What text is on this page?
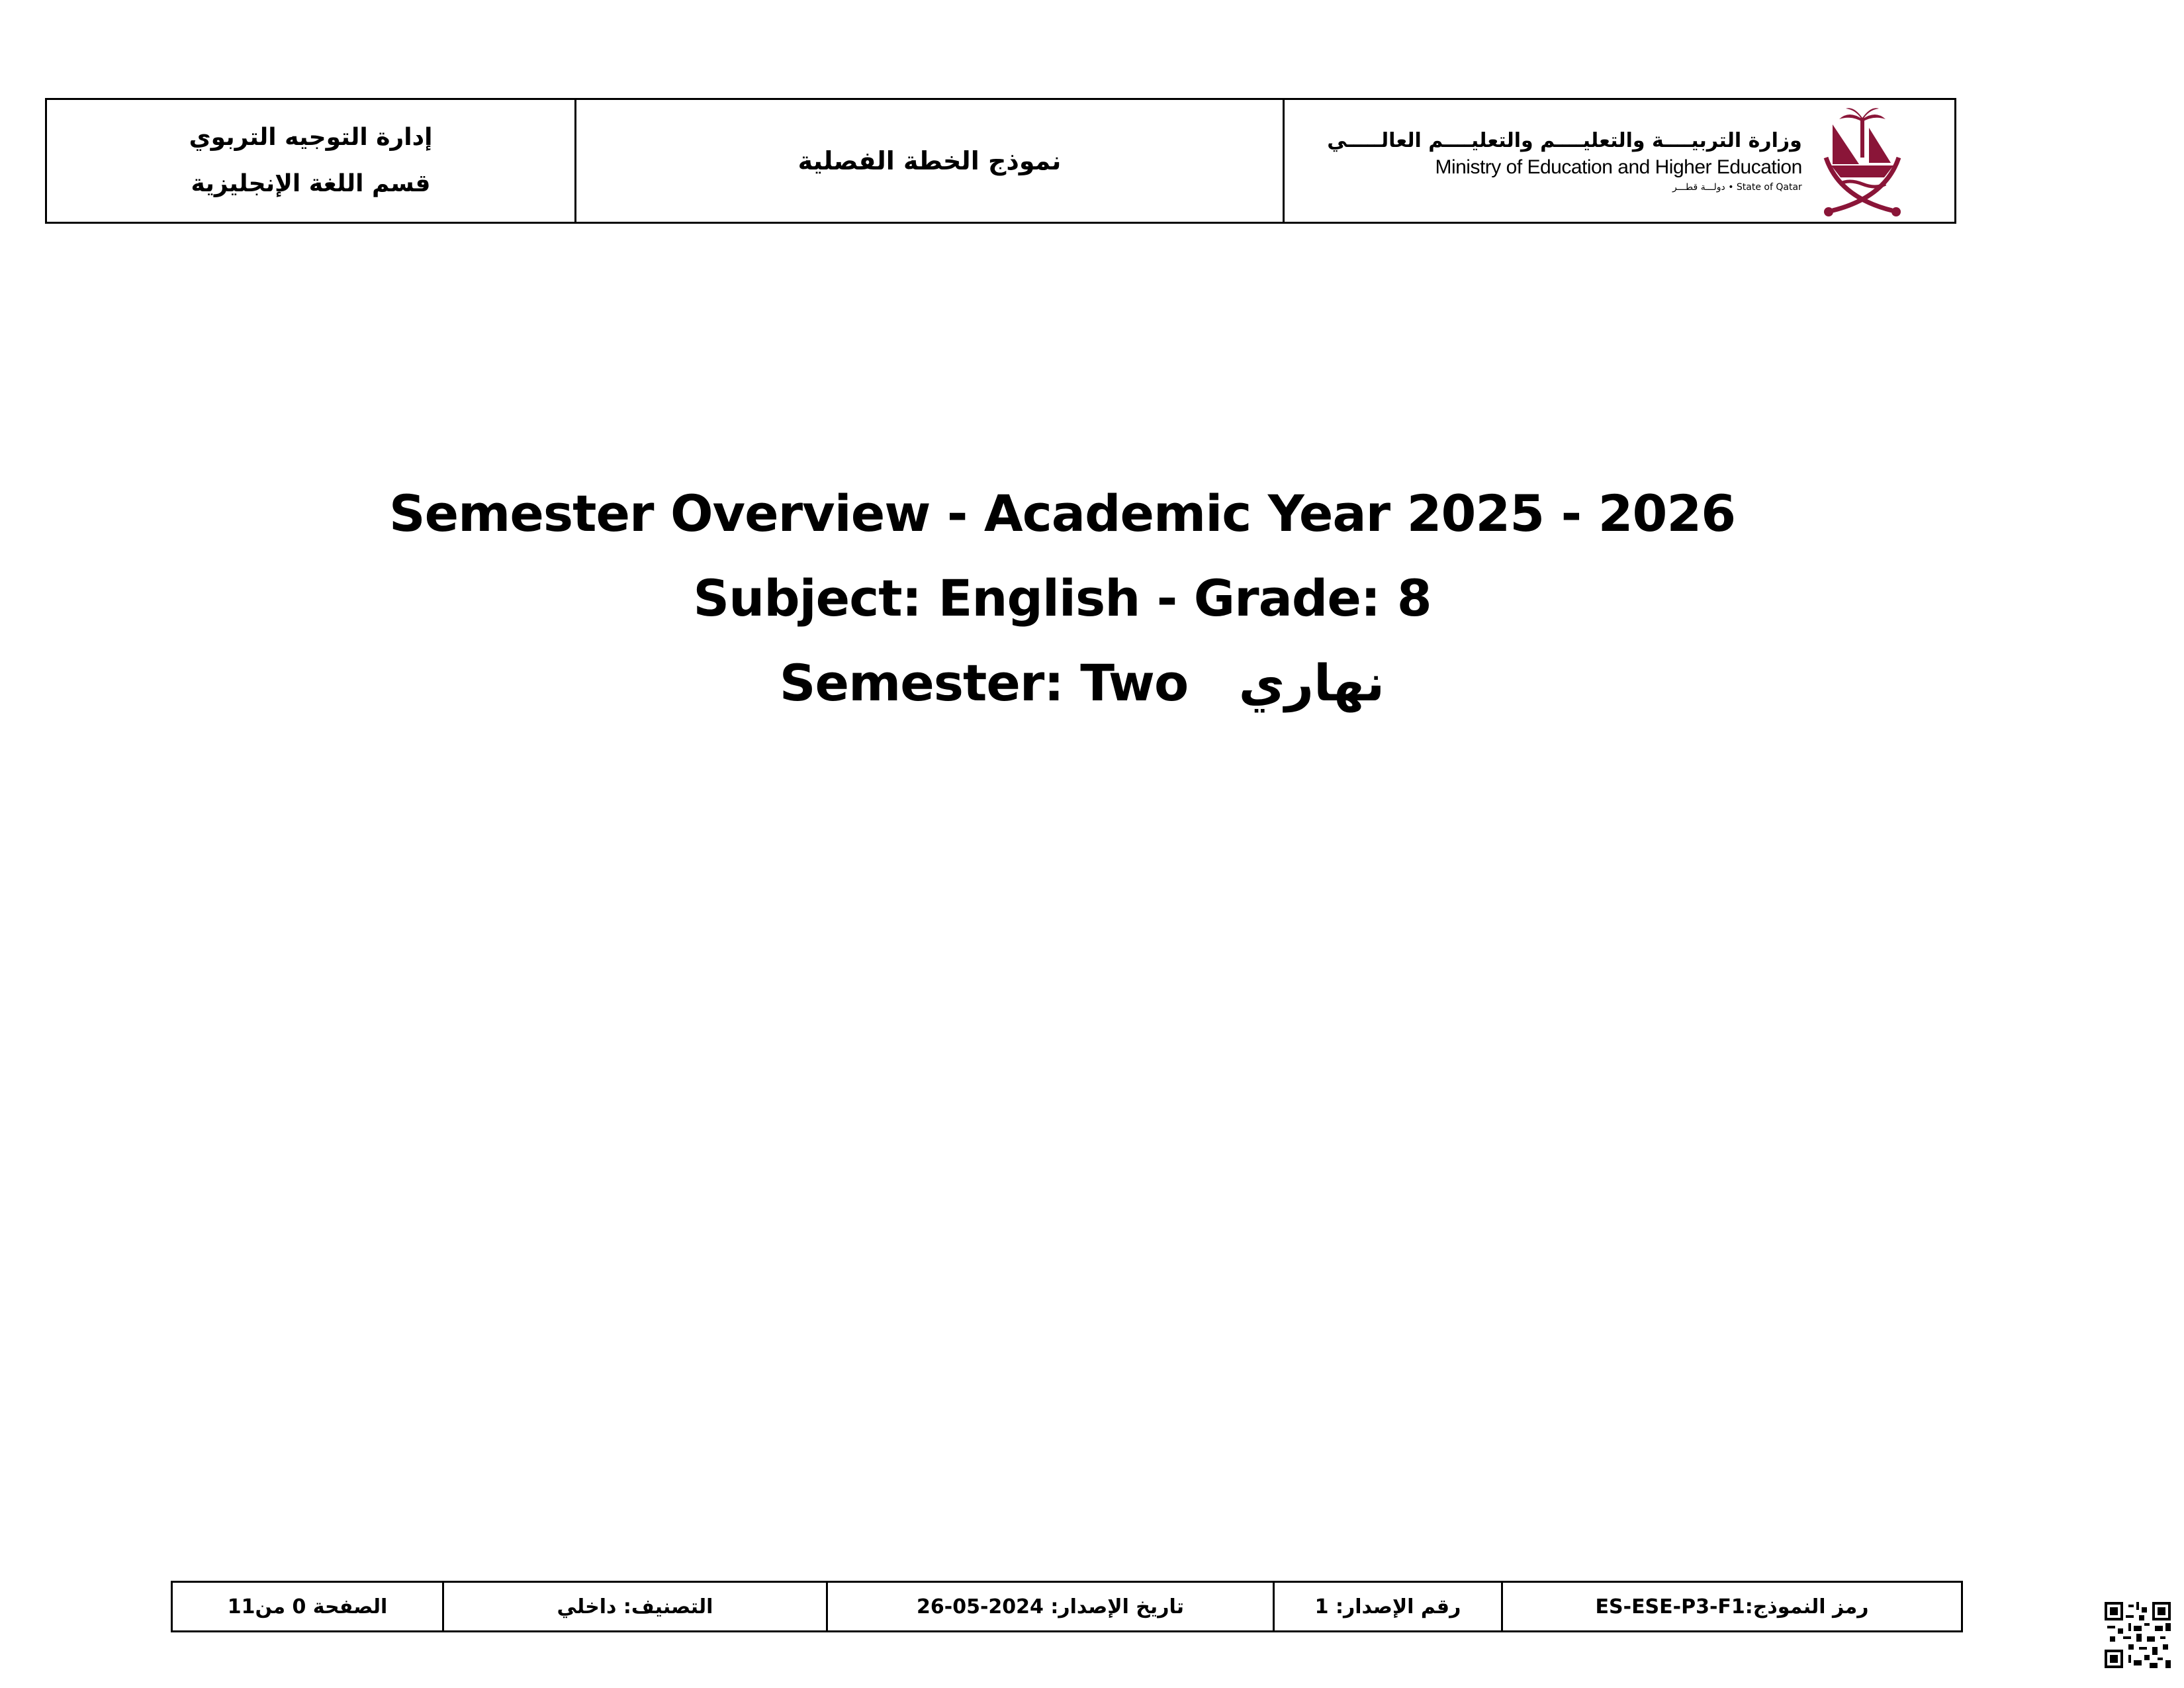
إدارة التوجيه التربوي
قسم اللغة الإنجليزية
نموذج الخطة الفصلية
وزارة التربيــــة والتعليــــم والتعليــــم العالـــــي
Ministry of Education and Higher Education
State of Qatar • دولـــة قطـــر
Semester Overview - Academic Year 2025 - 2026
Subject: English - Grade: 8
Semester: Two نهاري
رمز النموذج:ES-ESE-P3-F1
رقم الإصدار: 1
تاريخ الإصدار: 2024-05-26
التصنيف: داخلي
الصفحة 0 من11
